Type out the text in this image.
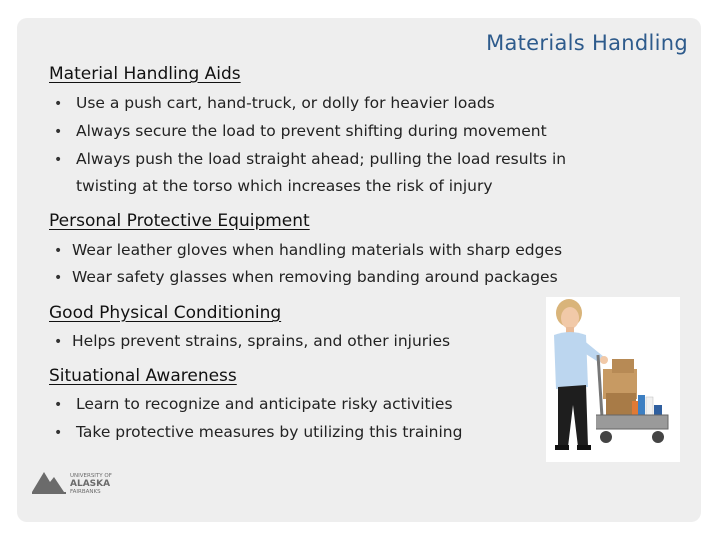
Materials Handling
Material Handling Aids
• Use a push cart, hand-truck, or dolly for heavier loads
• Always secure the load to prevent shifting during movement
• Always push the load straight ahead; pulling the load results in
twisting at the torso which increases the risk of injury
Personal Protective Equipment
• Wear leather gloves when handling materials with sharp edges
• Wear safety glasses when removing banding around packages
Good Physical Conditioning
• Helps prevent strains, sprains, and other injuries
Situational Awareness
• Learn to recognize and anticipate risky activities
• Take protective measures by utilizing this training
UNIVERSITY OF
ALASKA
FAIRBANKS
